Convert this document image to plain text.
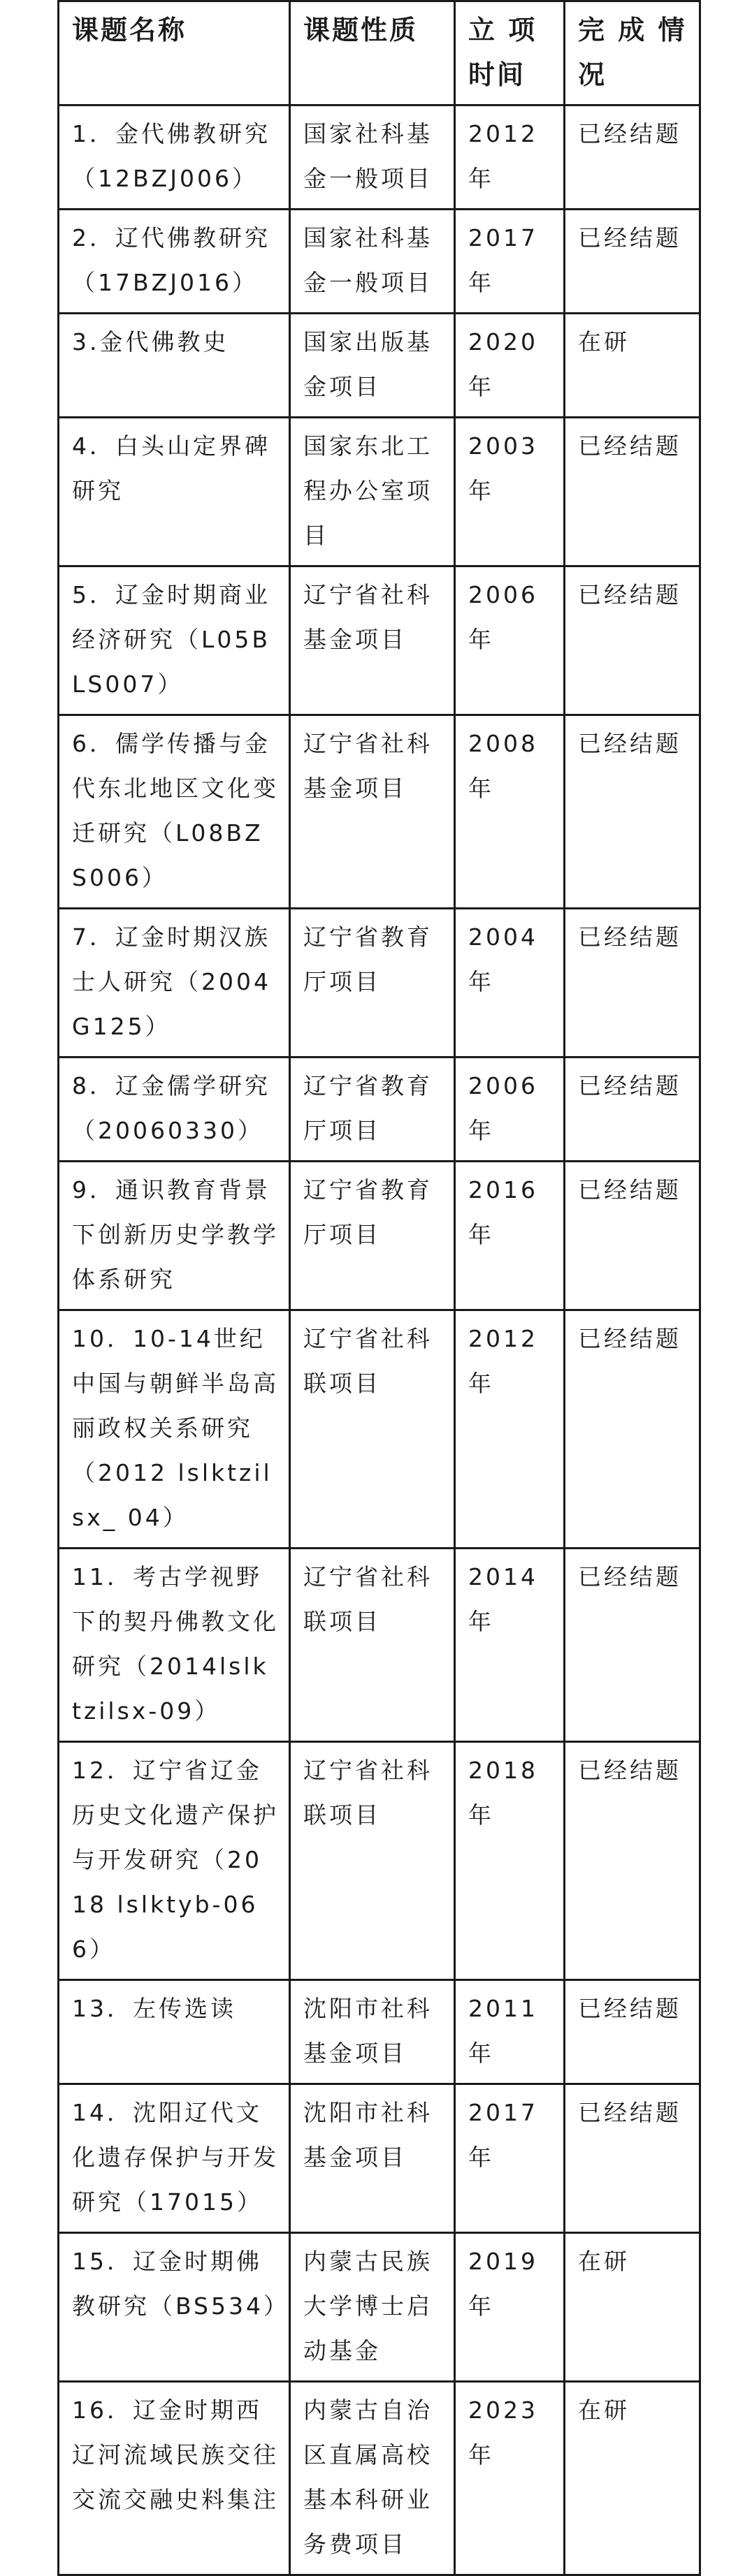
课题名称	课题性质	立 项 时间	完 成 情 况
1．金代佛教研究（12BZJ006）	国家社科基金一般项目	2012年	已经结题
2．辽代佛教研究（17BZJ016）	国家社科基金一般项目	2017年	已经结题
3.金代佛教史	国家出版基金项目	2020年	在研
4．白头山定界碑研究	国家东北工程办公室项目	2003年	已经结题
5．辽金时期商业经济研究（L05BLS007）	辽宁省社科基金项目	2006年	已经结题
6．儒学传播与金代东北地区文化变迁研究（L08BZS006）	辽宁省社科基金项目	2008年	已经结题
7．辽金时期汉族士人研究（2004G125）	辽宁省教育厅项目	2004年	已经结题
8．辽金儒学研究（20060330）	辽宁省教育厅项目	2006年	已经结题
9．通识教育背景下创新历史学教学体系研究	辽宁省教育厅项目	2016年	已经结题
10．10-14世纪中国与朝鲜半岛高丽政权关系研究（2012 lslktzilsx_ 04）	辽宁省社科联项目	2012年	已经结题
11．考古学视野下的契丹佛教文化研究（2014lslktzilsx-09）	辽宁省社科联项目	2014年	已经结题
12．辽宁省辽金历史文化遗产保护与开发研究（2018 lslktyb-066）	辽宁省社科联项目	2018年	已经结题
13．左传选读	沈阳市社科基金项目	2011年	已经结题
14．沈阳辽代文化遗存保护与开发研究（17015）	沈阳市社科基金项目	2017年	已经结题
15．辽金时期佛教研究（BS534）	内蒙古民族大学博士启动基金	2019年	在研
16．辽金时期西辽河流域民族交往交流交融史料集注	内蒙古自治区直属高校基本科研业务费项目	2023年	在研
